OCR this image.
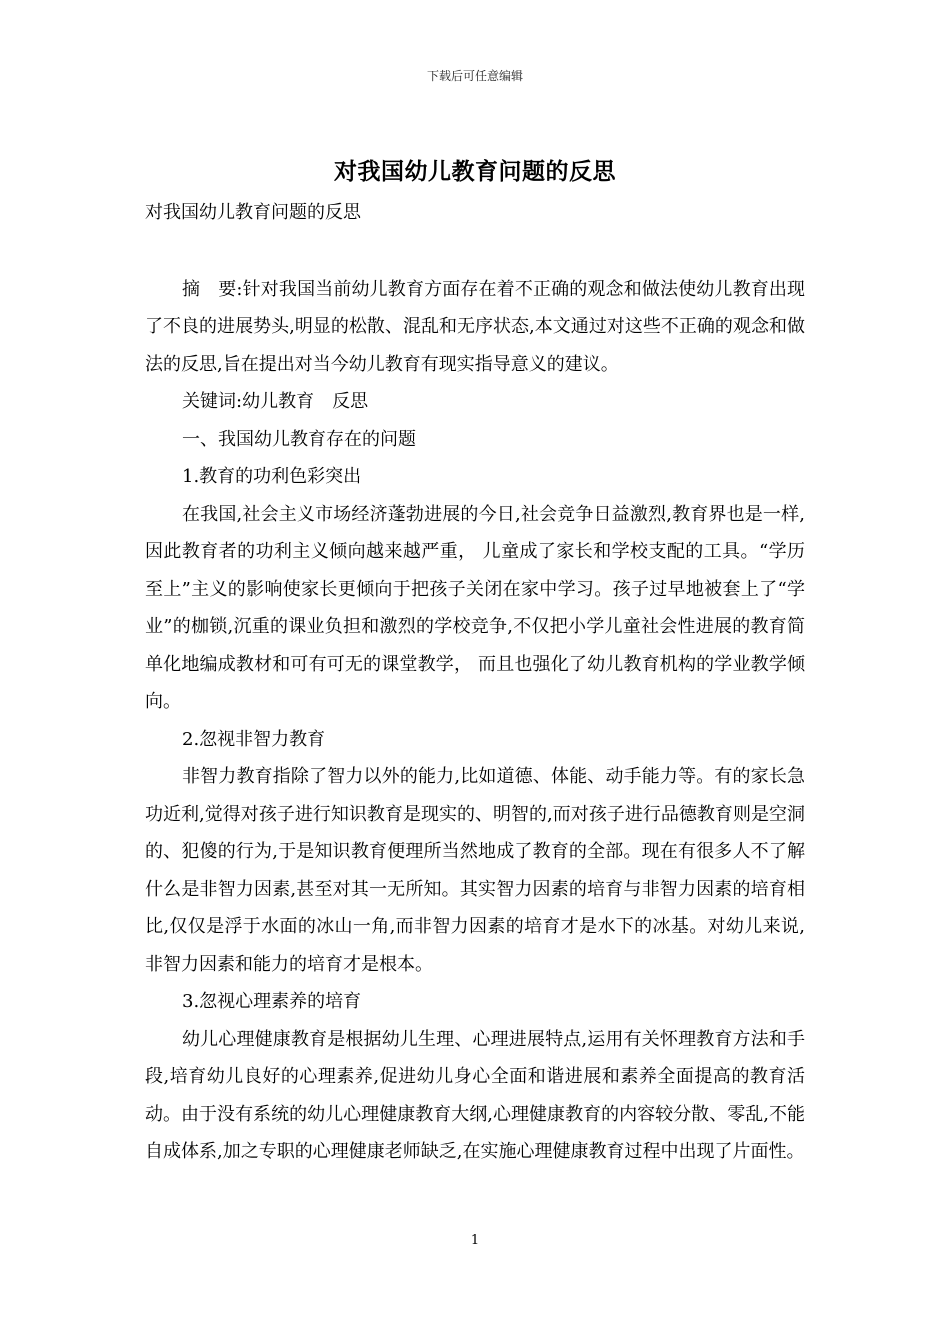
下载后可任意编辑
对我国幼儿教育问题的反思

对我国幼儿教育问题的反思

摘　要:针对我国当前幼儿教育方面存在着不正确的观念和做法使幼儿教育出现了不良的进展势头,明显的松散、混乱和无序状态,本文通过对这些不正确的观念和做法的反思,旨在提出对当今幼儿教育有现实指导意义的建议。

关键词:幼儿教育　反思

一、我国幼儿教育存在的问题

1.教育的功利色彩突出

在我国,社会主义市场经济蓬勃进展的今日,社会竞争日益激烈,教育界也是一样,因此教育者的功利主义倾向越来越严重， 儿童成了家长和学校支配的工具。“学历至上”主义的影响使家长更倾向于把孩子关闭在家中学习。孩子过早地被套上了“学业”的枷锁,沉重的课业负担和激烈的学校竞争,不仅把小学儿童社会性进展的教育简单化地编成教材和可有可无的课堂教学， 而且也强化了幼儿教育机构的学业教学倾向。

2.忽视非智力教育

非智力教育指除了智力以外的能力,比如道德、体能、动手能力等。有的家长急功近利,觉得对孩子进行知识教育是现实的、明智的,而对孩子进行品德教育则是空洞的、犯傻的行为,于是知识教育便理所当然地成了教育的全部。现在有很多人不了解什么是非智力因素,甚至对其一无所知。其实智力因素的培育与非智力因素的培育相比,仅仅是浮于水面的冰山一角,而非智力因素的培育才是水下的冰基。对幼儿来说,非智力因素和能力的培育才是根本。

3.忽视心理素养的培育

幼儿心理健康教育是根据幼儿生理、心理进展特点,运用有关怀理教育方法和手段,培育幼儿良好的心理素养,促进幼儿身心全面和谐进展和素养全面提高的教育活动。由于没有系统的幼儿心理健康教育大纲,心理健康教育的内容较分散、零乱,不能自成体系,加之专职的心理健康老师缺乏,在实施心理健康教育过程中出现了片面性。

1
